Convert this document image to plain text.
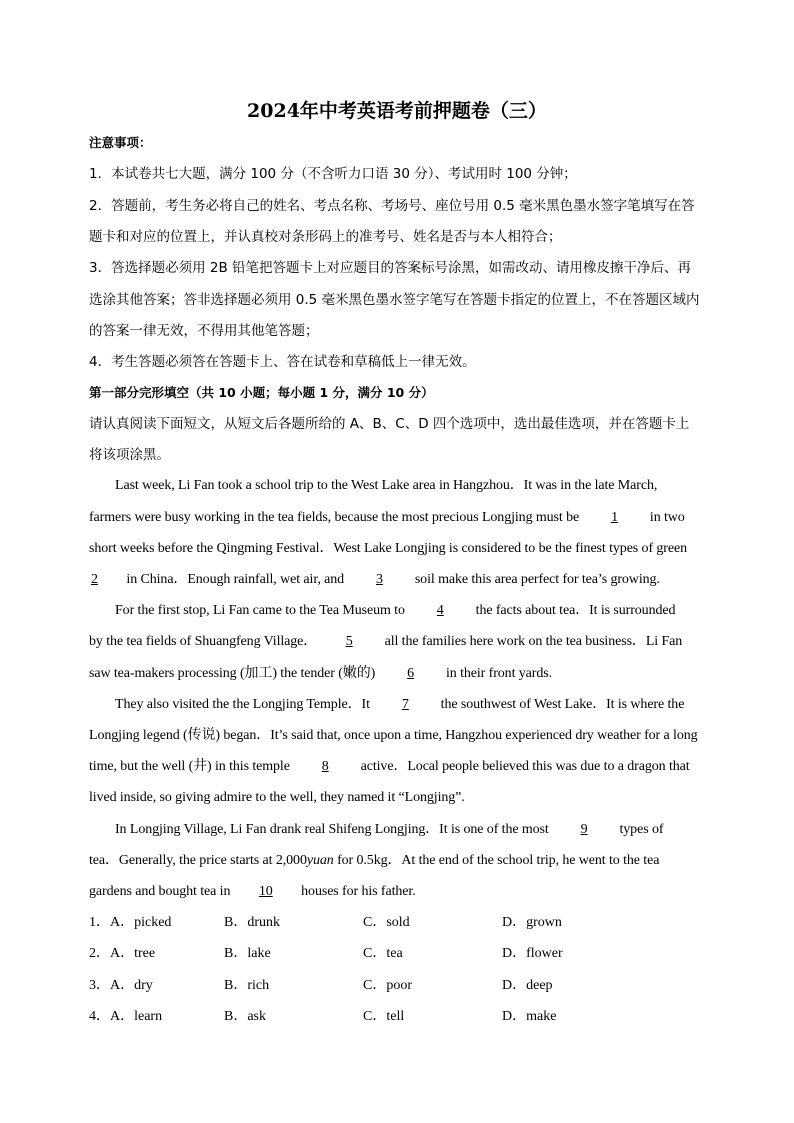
2024年中考英语考前押题卷（三）
注意事项：
1．本试卷共七大题，满分 100 分（不含听力口语 30 分）、考试用时 100 分钟；
2．答题前，考生务必将自己的姓名、考点名称、考场号、座位号用 0.5 毫米黑色墨水签字笔填写在答
题卡和对应的位置上，并认真校对条形码上的准考号、姓名是否与本人相符合；
3．答选择题必须用 2B 铅笔把答题卡上对应题目的答案标号涂黑，如需改动、请用橡皮擦干净后、再
选涂其他答案；答非选择题必须用 0.5 毫米黑色墨水签字笔写在答题卡指定的位置上，不在答题区域内
的答案一律无效，不得用其他笔答题；
4．考生答题必须答在答题卡上、答在试卷和草稿低上一律无效。
第一部分完形填空（共 10 小题；每小题 1 分，满分 10 分）
请认真阅读下面短文，从短文后各题所给的 A、B、C、D 四个选项中，选出最佳选项，并在答题卡上
将该项涂黑。
Last week, Li Fan took a school trip to the West Lake area in Hangzhou．It was in the late March,
farmers were busy working in the tea fields, because the most precious Longjing must be 1 in two
short weeks before the Qingming Festival．West Lake Longjing is considered to be the finest types of green
2 in China．Enough rainfall, wet air, and 3 soil make this area perfect for tea’s growing.
For the first stop, Li Fan came to the Tea Museum to 4 the facts about tea．It is surrounded
by the tea fields of Shuangfeng Village． 5 all the families here work on the tea business．Li Fan
saw tea-makers processing (加工) the tender (嫩的) 6 in their front yards.
They also visited the the Longjing Temple．It 7 the southwest of West Lake．It is where the
Longjing legend (传说) began．It’s said that, once upon a time, Hangzhou experienced dry weather for a long
time, but the well (井) in this temple 8 active．Local people believed this was due to a dragon that
lived inside, so giving admire to the well, they named it “Longjing”.
In Longjing Village, Li Fan drank real Shifeng Longjing．It is one of the most 9 types of
tea．Generally, the price starts at 2,000yuan for 0.5kg．At the end of the school trip, he went to the tea
gardens and bought tea in 10 houses for his father.
1．A．picked	B．drunk	C．sold	D．grown
2．A．tree	B．lake	C．tea	D．flower
3．A．dry	B．rich	C．poor	D．deep
4．A．learn	B．ask	C．tell	D．make
